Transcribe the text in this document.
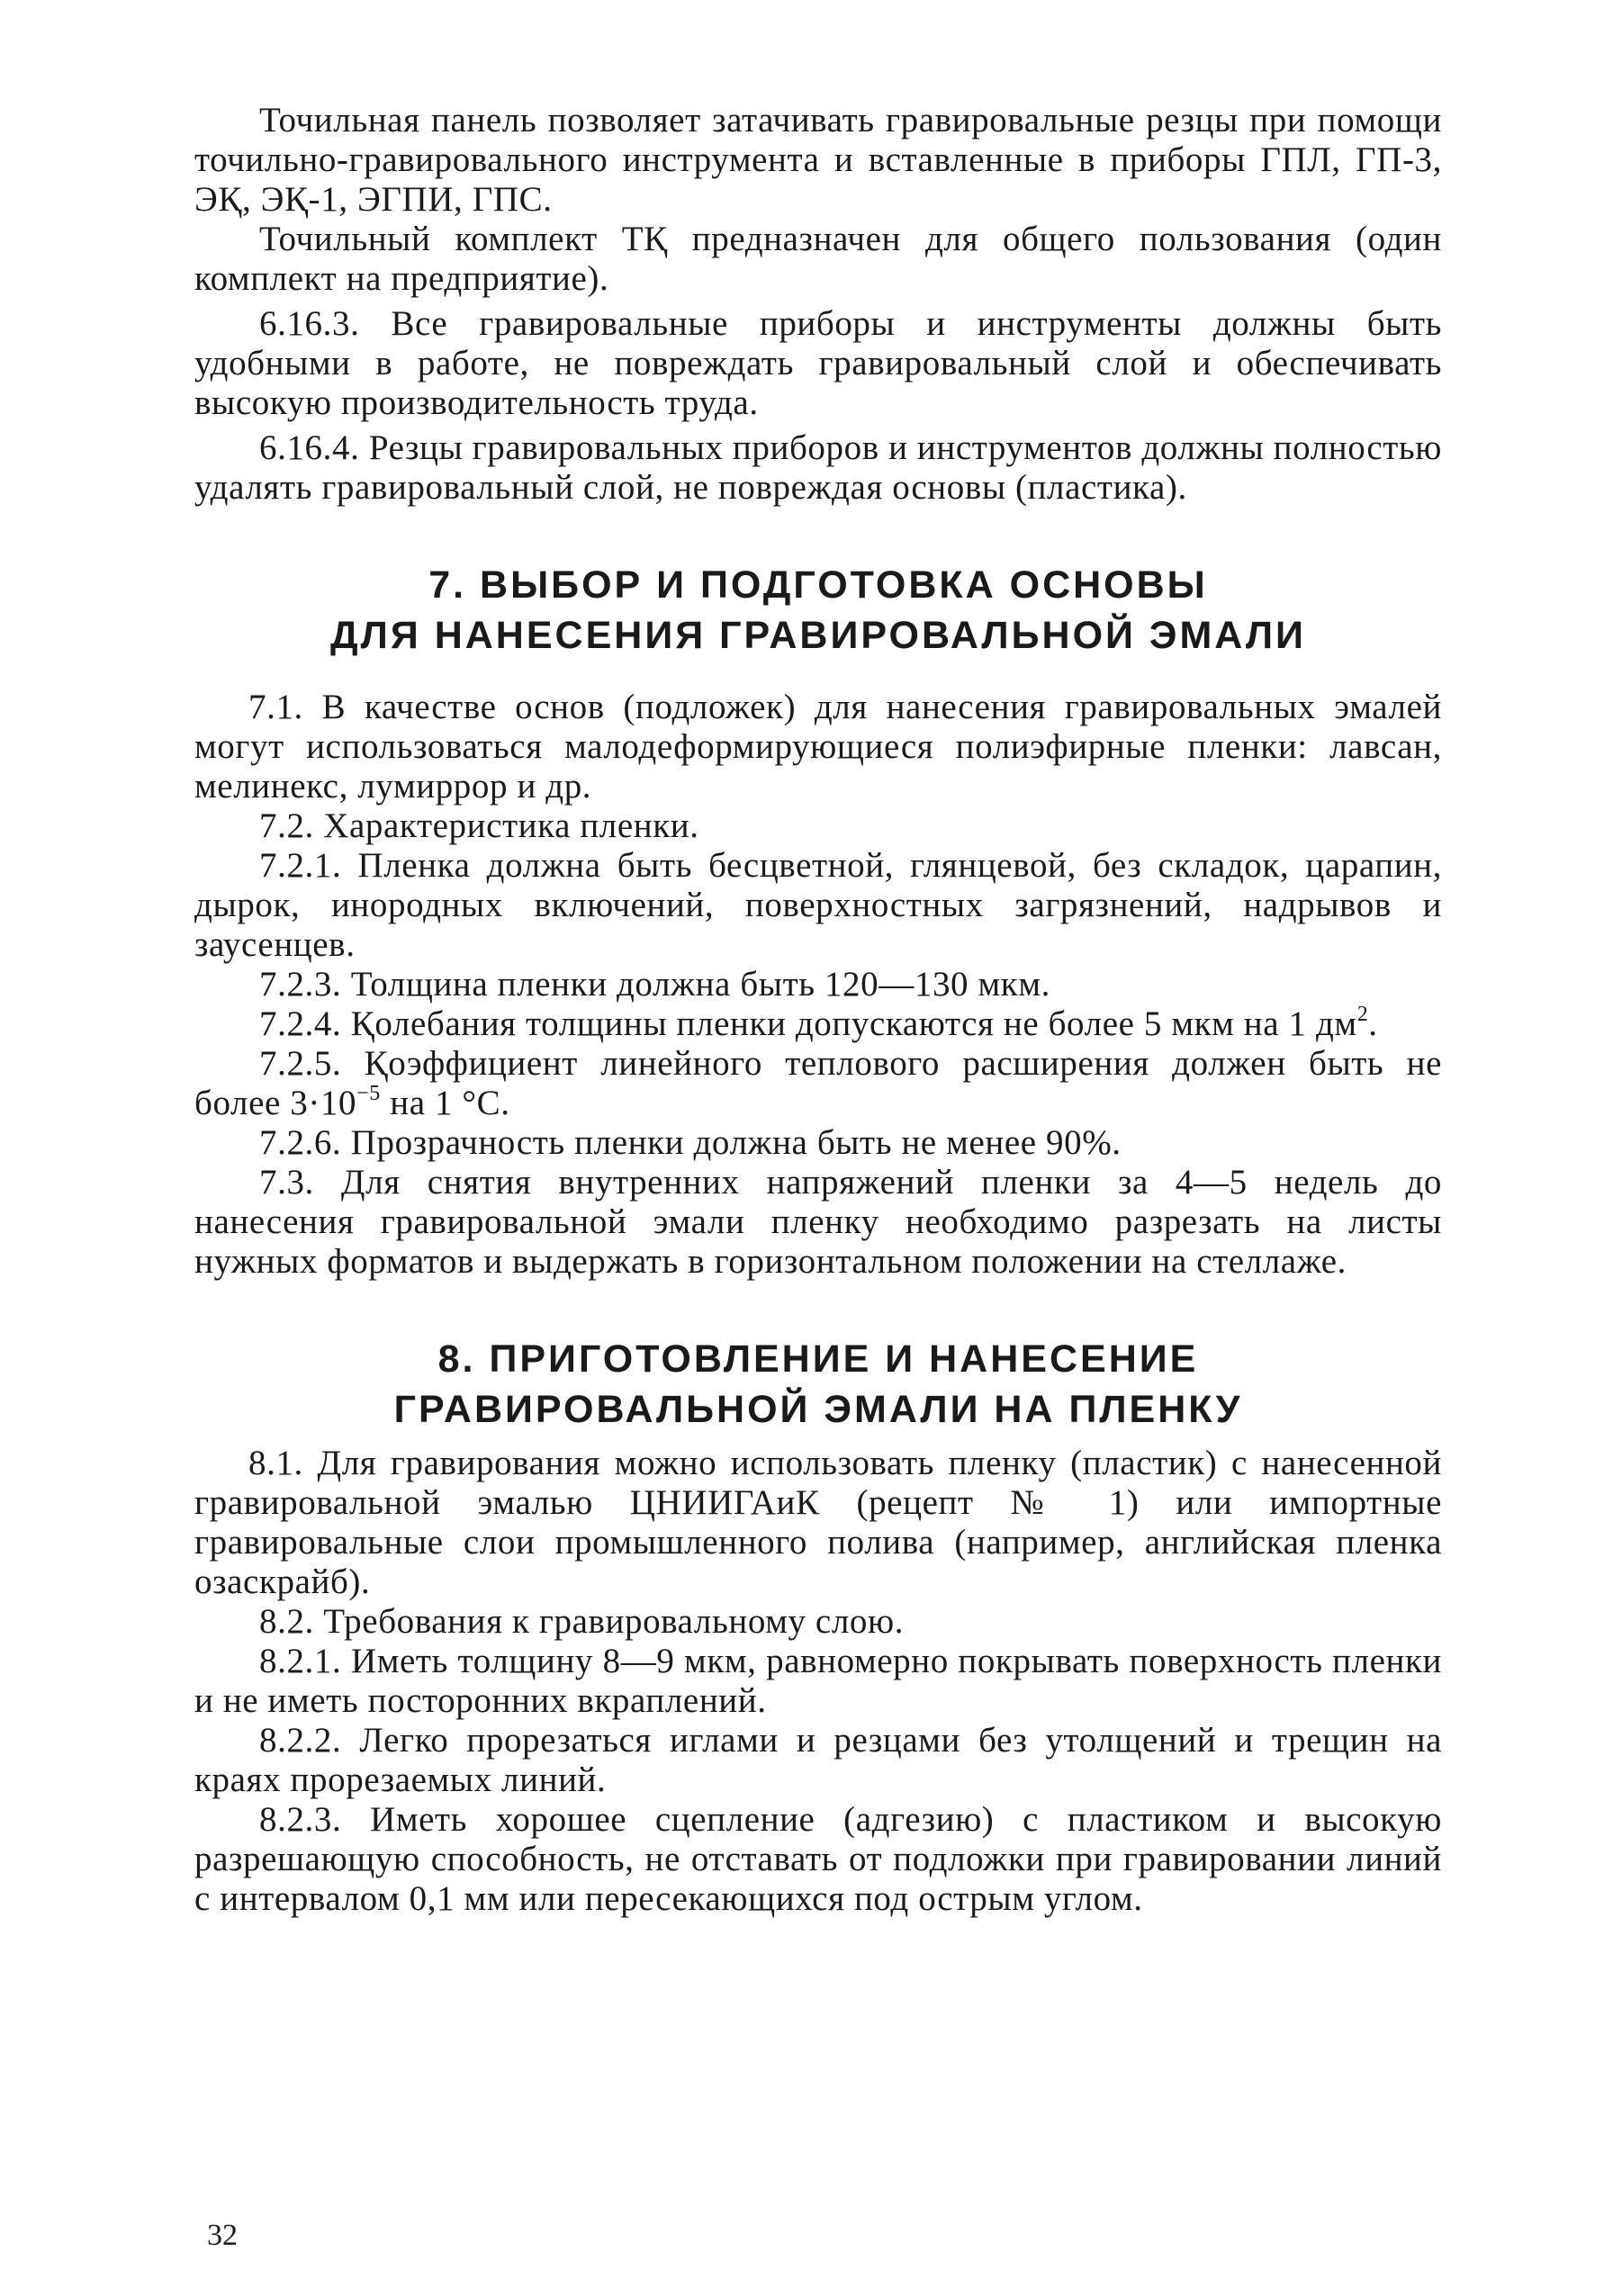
Точильная панель позволяет затачивать гравировальные резцы при помощи точильно-гравировального инструмента и вставленные в приборы ГПЛ, ГП-3, ЭҚ, ЭҚ-1, ЭГПИ, ГПС.

Точильный комплект ТҚ предназначен для общего пользования (один комплект на предприятие).

6.16.3. Все гравировальные приборы и инструменты должны быть удобными в работе, не повреждать гравировальный слой и обеспечивать высокую производительность труда.

6.16.4. Резцы гравировальных приборов и инструментов должны полностью удалять гравировальный слой, не повреждая основы (пластика).

7. ВЫБОР И ПОДГОТОВКА ОСНОВЫ
ДЛЯ НАНЕСЕНИЯ ГРАВИРОВАЛЬНОЙ ЭМАЛИ

7.1. В качестве основ (подложек) для нанесения гравировальных эмалей могут использоваться малодеформирующиеся полиэфирные пленки: лавсан, мелинекс, лумиррор и др.

7.2. Характеристика пленки.

7.2.1. Пленка должна быть бесцветной, глянцевой, без складок, царапин, дырок, инородных включений, поверхностных загрязнений, надрывов и заусенцев.

7.2.3. Толщина пленки должна быть 120—130 мкм.

7.2.4. Қолебания толщины пленки допускаются не более 5 мкм на 1 $дм^2$.

7.2.5. Қоэффициент линейного теплового расширения должен быть не более $3\cdot 10^{-5}$ на 1 °С.

7.2.6. Прозрачность пленки должна быть не менее 90%.

7.3. Для снятия внутренних напряжений пленки за 4—5 недель до нанесения гравировальной эмали пленку необходимо разрезать на листы нужных форматов и выдержать в горизонтальном положении на стеллаже.

8. ПРИГОТОВЛЕНИЕ И НАНЕСЕНИЕ
ГРАВИРОВАЛЬНОЙ ЭМАЛИ НА ПЛЕНКУ

8.1. Для гравирования можно использовать пленку (пластик) с нанесенной гравировальной эмалью ЦНИИГАиК (рецепт № 1) или импортные гравировальные слои промышленного полива (например, английская пленка озаскрайб).

8.2. Требования к гравировальному слою.

8.2.1. Иметь толщину 8—9 мкм, равномерно покрывать поверхность пленки и не иметь посторонних вкраплений.

8.2.2. Легко прорезаться иглами и резцами без утолщений и трещин на краях прорезаемых линий.

8.2.3. Иметь хорошее сцепление (адгезию) с пластиком и высокую разрешающую способность, не отставать от подложки при гравировании линий с интервалом 0,1 мм или пересекающихся под острым углом.

32
